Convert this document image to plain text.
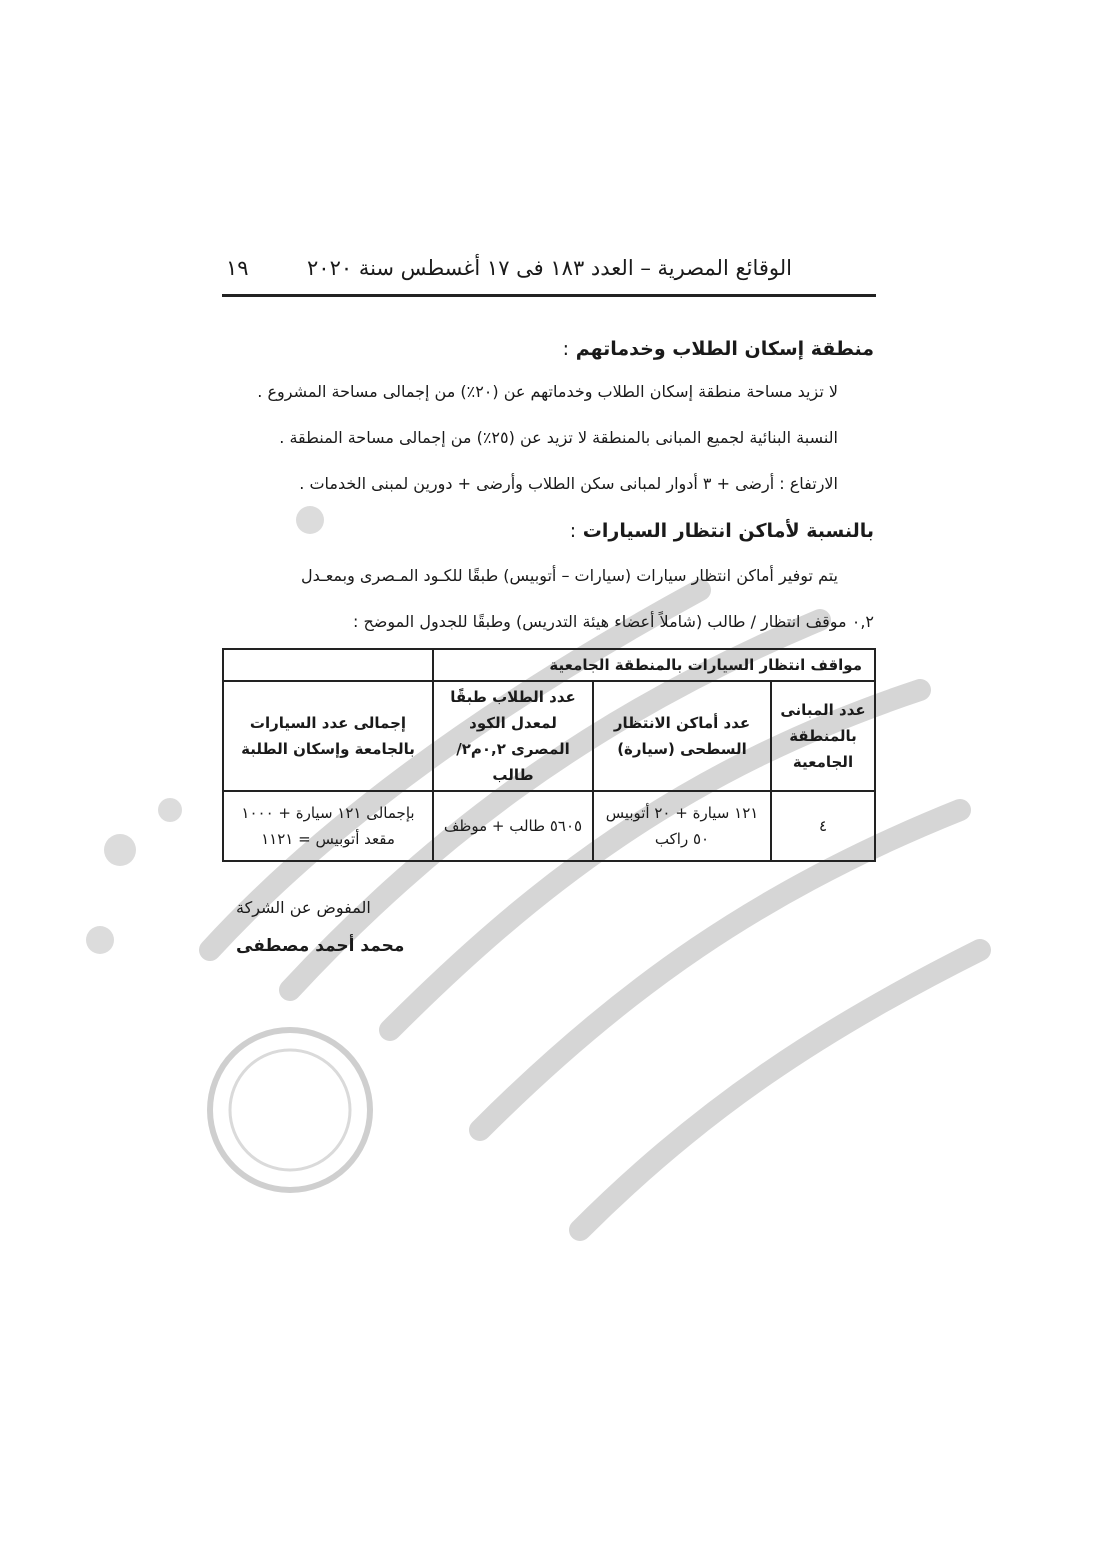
الوقائع المصرية – العدد ١٨٣ فى ١٧ أغسطس سنة ٢٠٢٠
١٩
منطقة إسكان الطلاب وخدماتهم :
لا تزيد مساحة منطقة إسكان الطلاب وخدماتهم عن (٢٠٪) من إجمالى مساحة المشروع .
النسبة البنائية لجميع المبانى بالمنطقة لا تزيد عن (٢٥٪) من إجمالى مساحة المنطقة .
الارتفاع : أرضى + ٣ أدوار لمبانى سكن الطلاب وأرضى + دورين لمبنى الخدمات .
بالنسبة لأماكن انتظار السيارات :
يتم توفير أماكن انتظار سيارات (سيارات – أتوبيس) طبقًا للكـود المـصرى وبمعـدل
٠,٢ موقف انتظار / طالب (شاملاً أعضاء هيئة التدريس) وطبقًا للجدول الموضح :
مواقف انتظار السيارات بالمنطقة الجامعية			
عدد المبانى بالمنطقة الجامعية	عدد أماكن الانتظار السطحى (سيارة)	عدد الطلاب طبقًا لمعدل الكود المصرى ٠,٢م٢/طالب	إجمالى عدد السيارات بالجامعة وإسكان الطلبة
٤	١٢١ سيارة + ٢٠ أتوبيس ٥٠ راكب	٥٦٠٥ طالب + موظف	بإجمالى ١٢١ سيارة + ١٠٠٠ مقعد أتوبيس = ١١٢١
المفوض عن الشركة
محمد أحمد مصطفى
